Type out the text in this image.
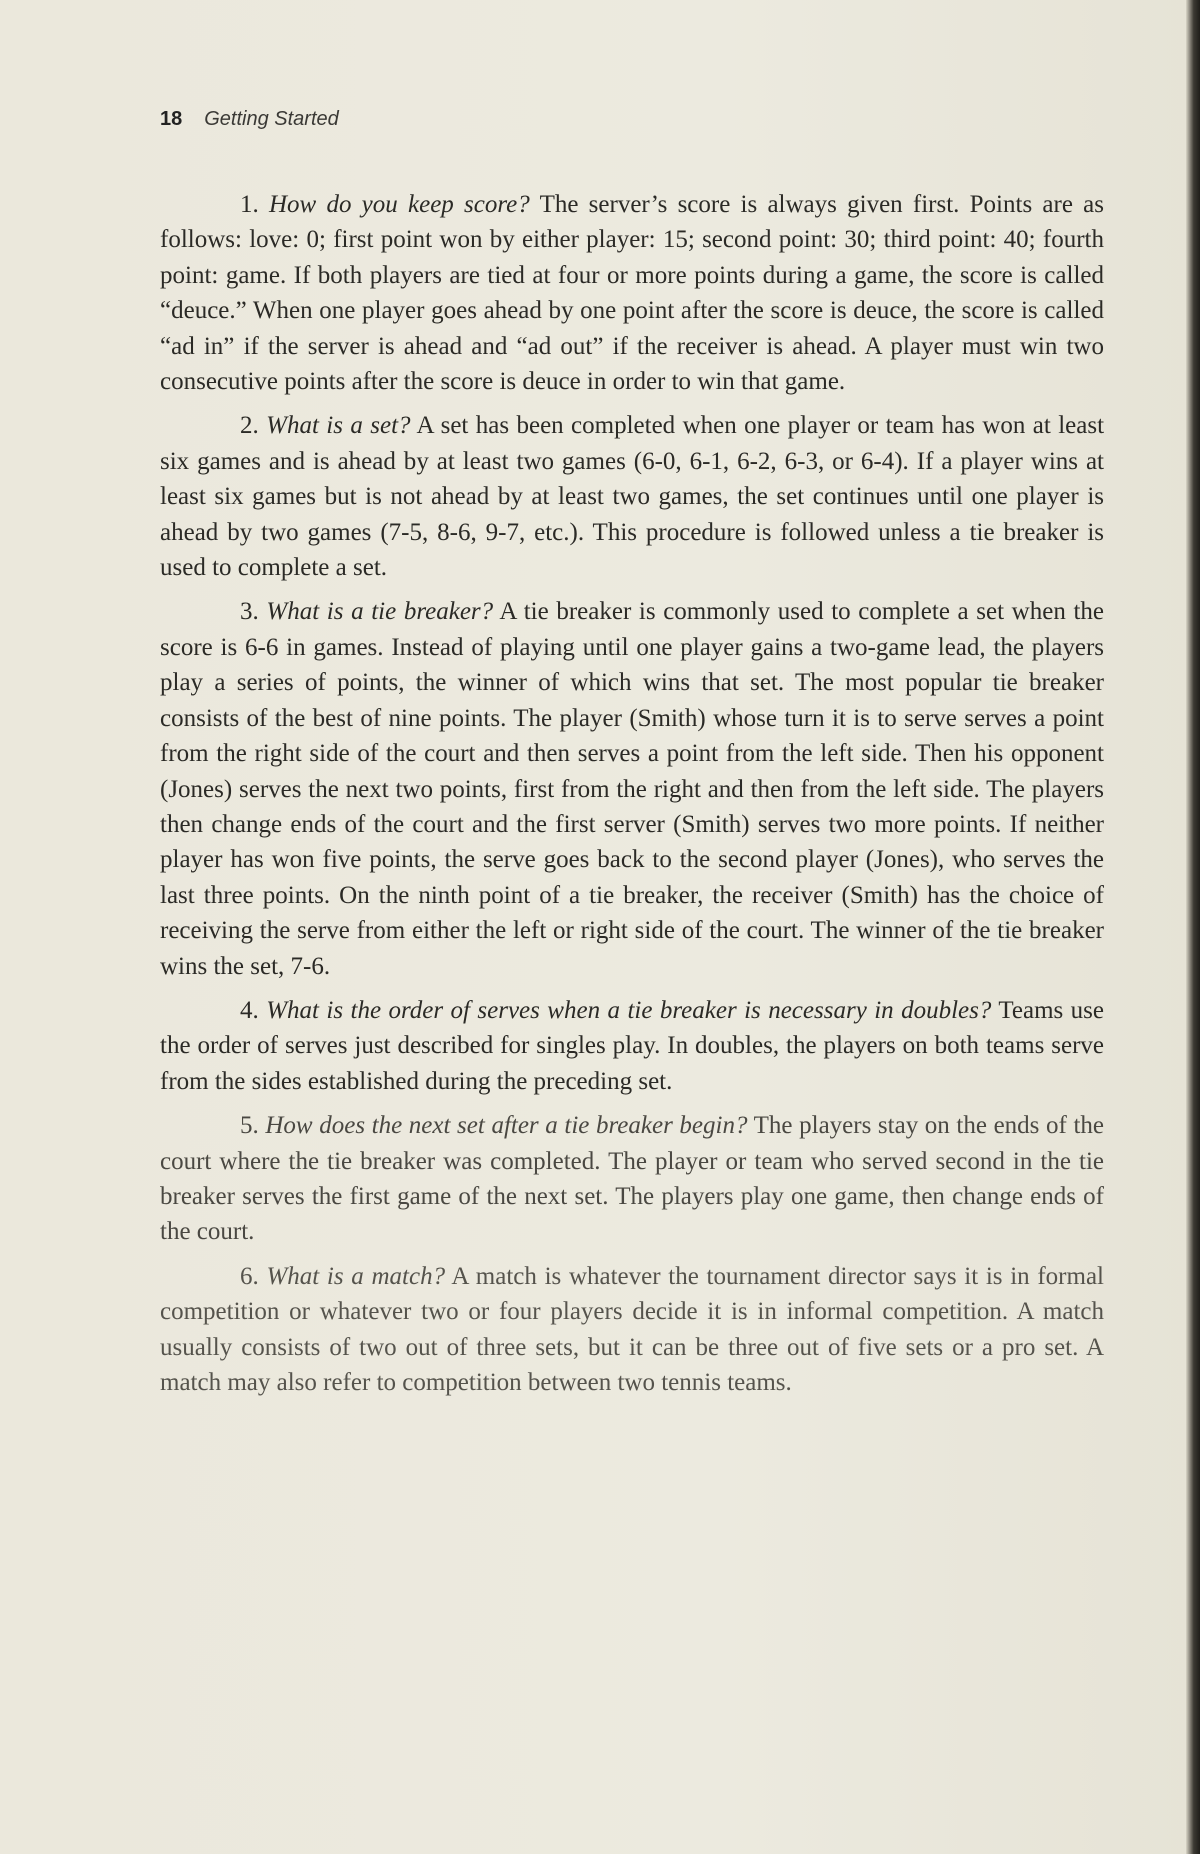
18 Getting Started

1. How do you keep score? The server’s score is always given first. Points are as follows: love: 0; first point won by either player: 15; second point: 30; third point: 40; fourth point: game. If both players are tied at four or more points during a game, the score is called “deuce.” When one player goes ahead by one point after the score is deuce, the score is called “ad in” if the server is ahead and “ad out” if the receiver is ahead. A player must win two consecutive points after the score is deuce in order to win that game.

2. What is a set? A set has been completed when one player or team has won at least six games and is ahead by at least two games (6-0, 6-1, 6-2, 6-3, or 6-4). If a player wins at least six games but is not ahead by at least two games, the set continues until one player is ahead by two games (7-5, 8-6, 9-7, etc.). This procedure is followed unless a tie breaker is used to complete a set.

3. What is a tie breaker? A tie breaker is commonly used to complete a set when the score is 6-6 in games. Instead of playing until one player gains a two-game lead, the players play a series of points, the winner of which wins that set. The most popular tie breaker consists of the best of nine points. The player (Smith) whose turn it is to serve serves a point from the right side of the court and then serves a point from the left side. Then his opponent (Jones) serves the next two points, first from the right and then from the left side. The players then change ends of the court and the first server (Smith) serves two more points. If neither player has won five points, the serve goes back to the second player (Jones), who serves the last three points. On the ninth point of a tie breaker, the receiver (Smith) has the choice of receiving the serve from either the left or right side of the court. The winner of the tie breaker wins the set, 7-6.

4. What is the order of serves when a tie breaker is necessary in doubles? Teams use the order of serves just described for singles play. In doubles, the players on both teams serve from the sides established during the preceding set.

5. How does the next set after a tie breaker begin? The players stay on the ends of the court where the tie breaker was completed. The player or team who served second in the tie breaker serves the first game of the next set. The players play one game, then change ends of the court.

6. What is a match? A match is whatever the tournament director says it is in formal competition or whatever two or four players decide it is in informal competition. A match usually consists of two out of three sets, but it can be three out of five sets or a pro set. A match may also refer to competition between two tennis teams.
